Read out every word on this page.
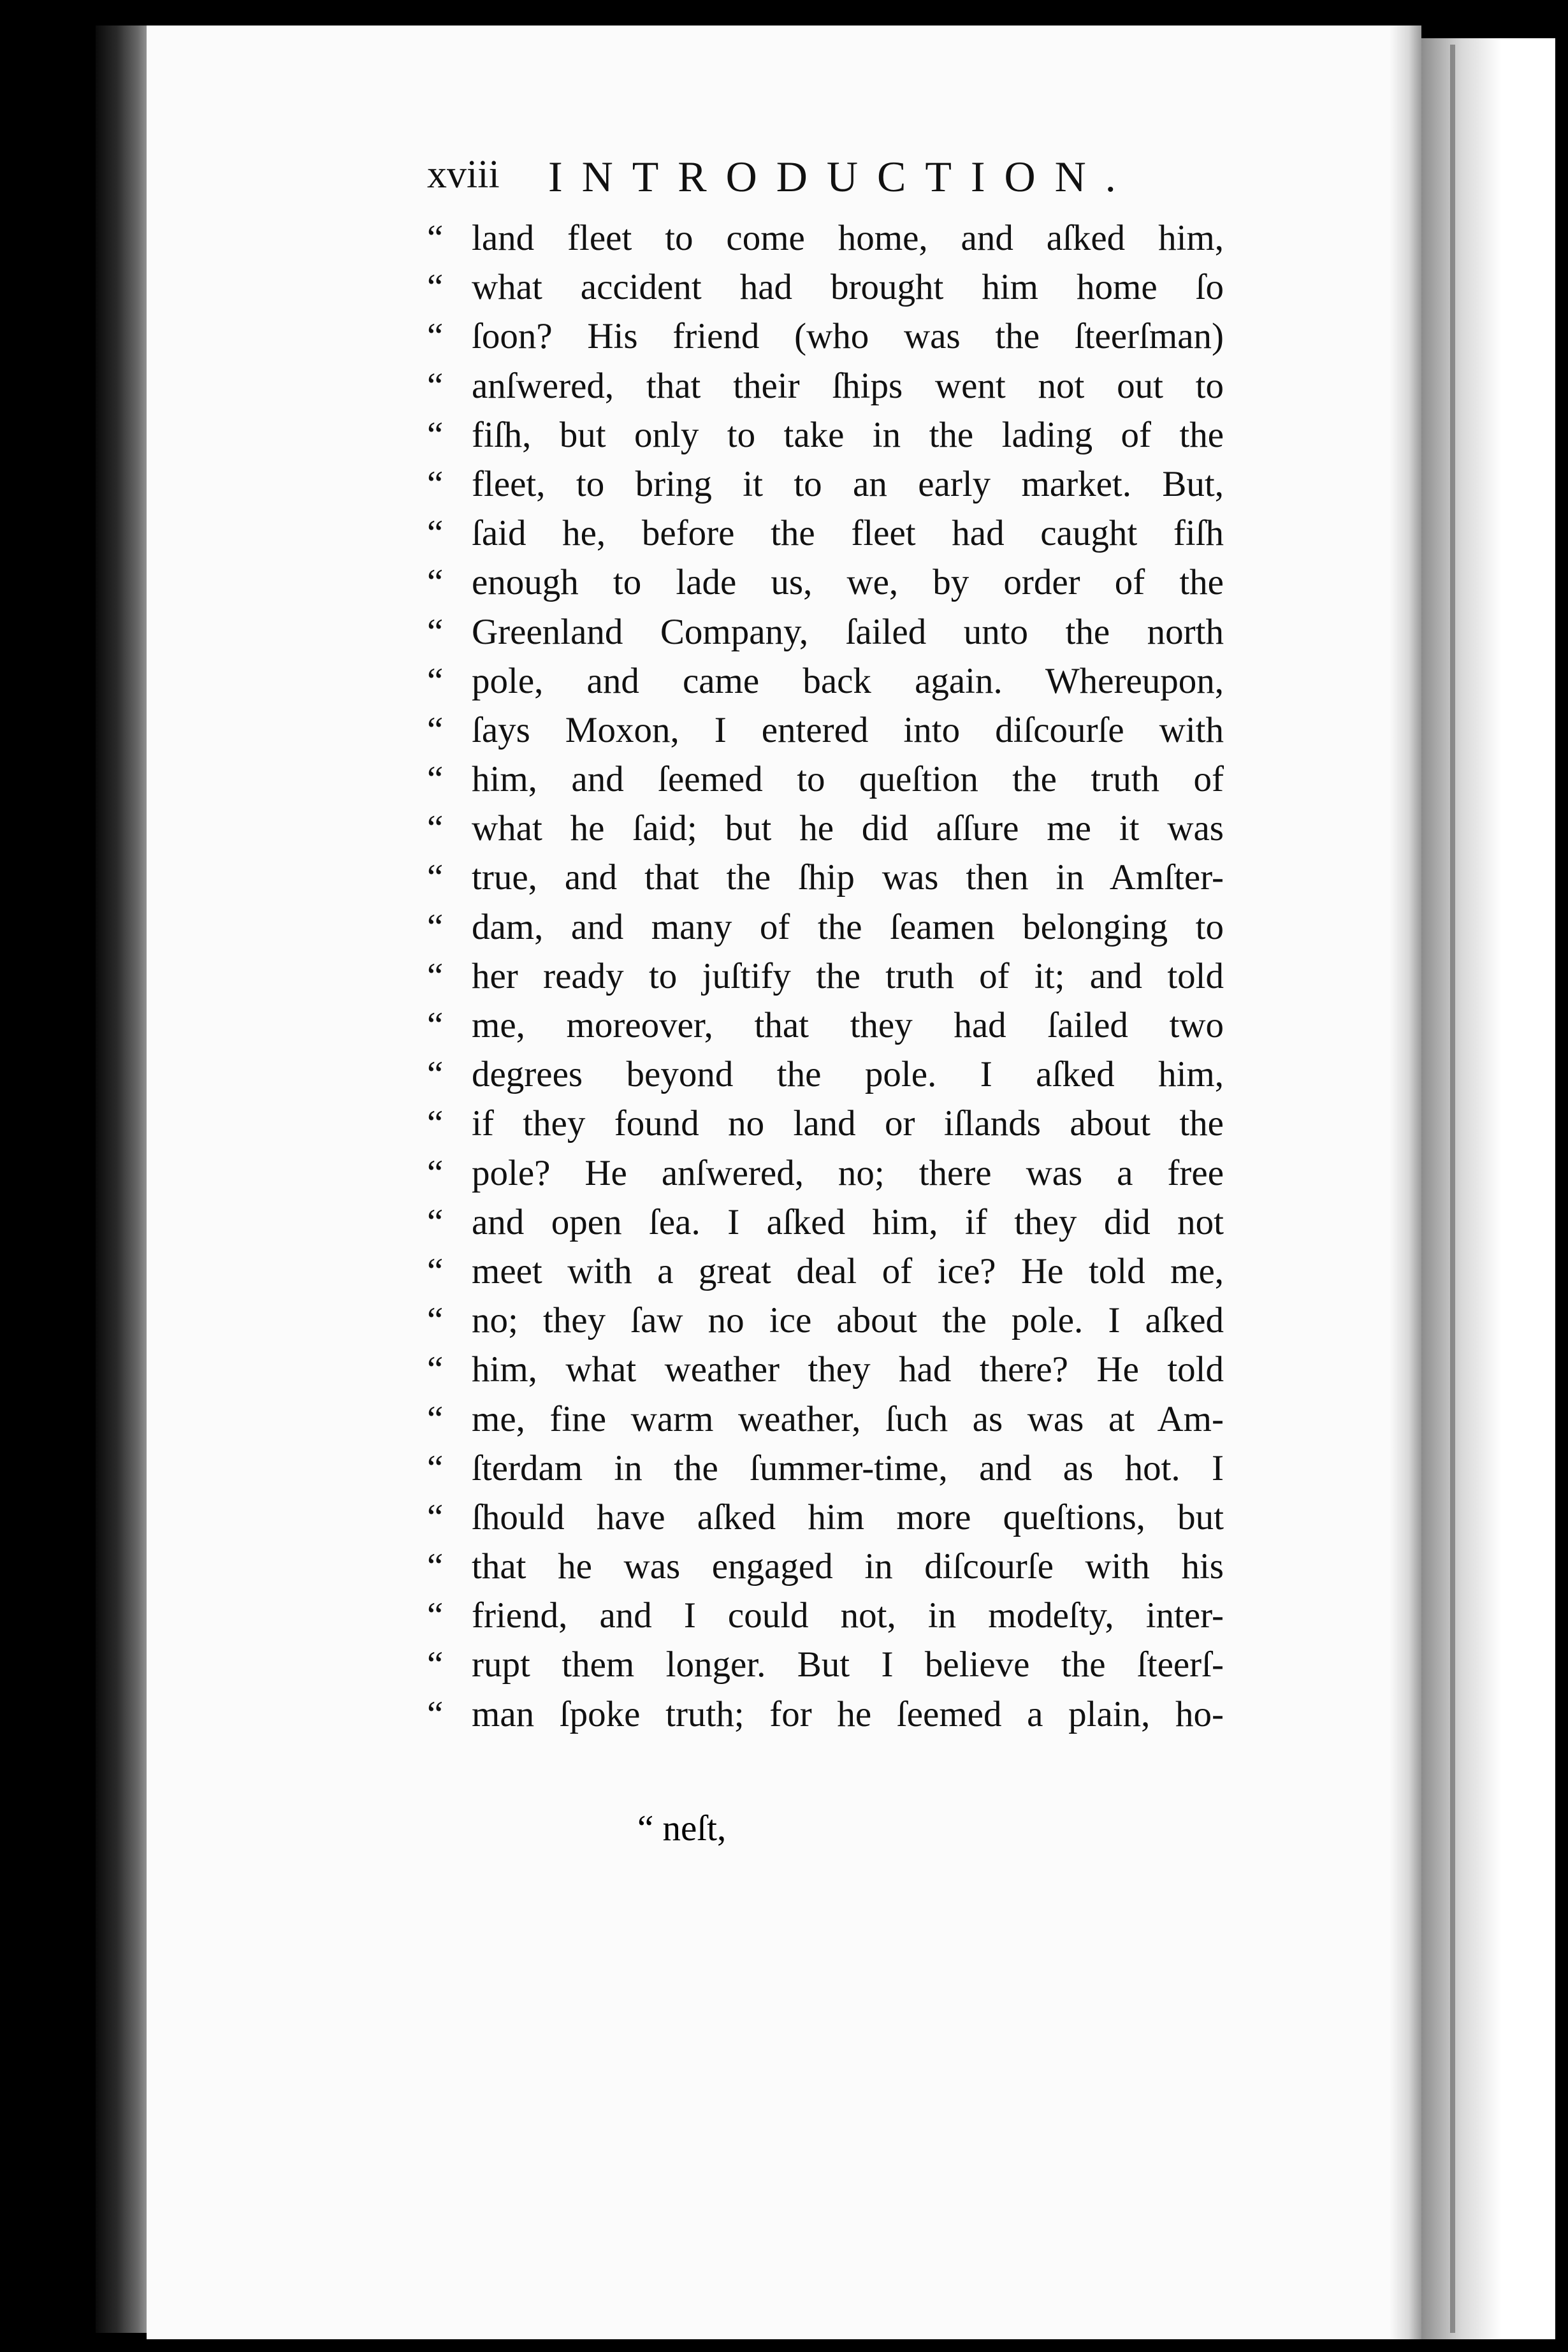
xviii INTRODUCTION.
“ land fleet to come home, and aſked him,
“ what accident had brought him home ſo
“ ſoon? His friend (who was the ſteerſman)
“ anſwered, that their ſhips went not out to
“ fiſh, but only to take in the lading of the
“ fleet, to bring it to an early market. But,
“ ſaid he, before the fleet had caught fiſh
“ enough to lade us, we, by order of the
“ Greenland Company, ſailed unto the north
“ pole, and came back again. Whereupon,
“ ſays Moxon, I entered into diſcourſe with
“ him, and ſeemed to queſtion the truth of
“ what he ſaid; but he did aſſure me it was
“ true, and that the ſhip was then in Amſter-
“ dam, and many of the ſeamen belonging to
“ her ready to juſtify the truth of it; and told
“ me, moreover, that they had ſailed two
“ degrees beyond the pole. I aſked him,
“ if they found no land or iſlands about the
“ pole? He anſwered, no; there was a free
“ and open ſea. I aſked him, if they did not
“ meet with a great deal of ice? He told me,
“ no; they ſaw no ice about the pole. I aſked
“ him, what weather they had there? He told
“ me, fine warm weather, ſuch as was at Am-
“ ſterdam in the ſummer-time, and as hot. I
“ ſhould have aſked him more queſtions, but
“ that he was engaged in diſcourſe with his
“ friend, and I could not, in modeſty, inter-
“ rupt them longer. But I believe the ſteerſ-
“ man ſpoke truth; for he ſeemed a plain, ho-
“ neſt,
